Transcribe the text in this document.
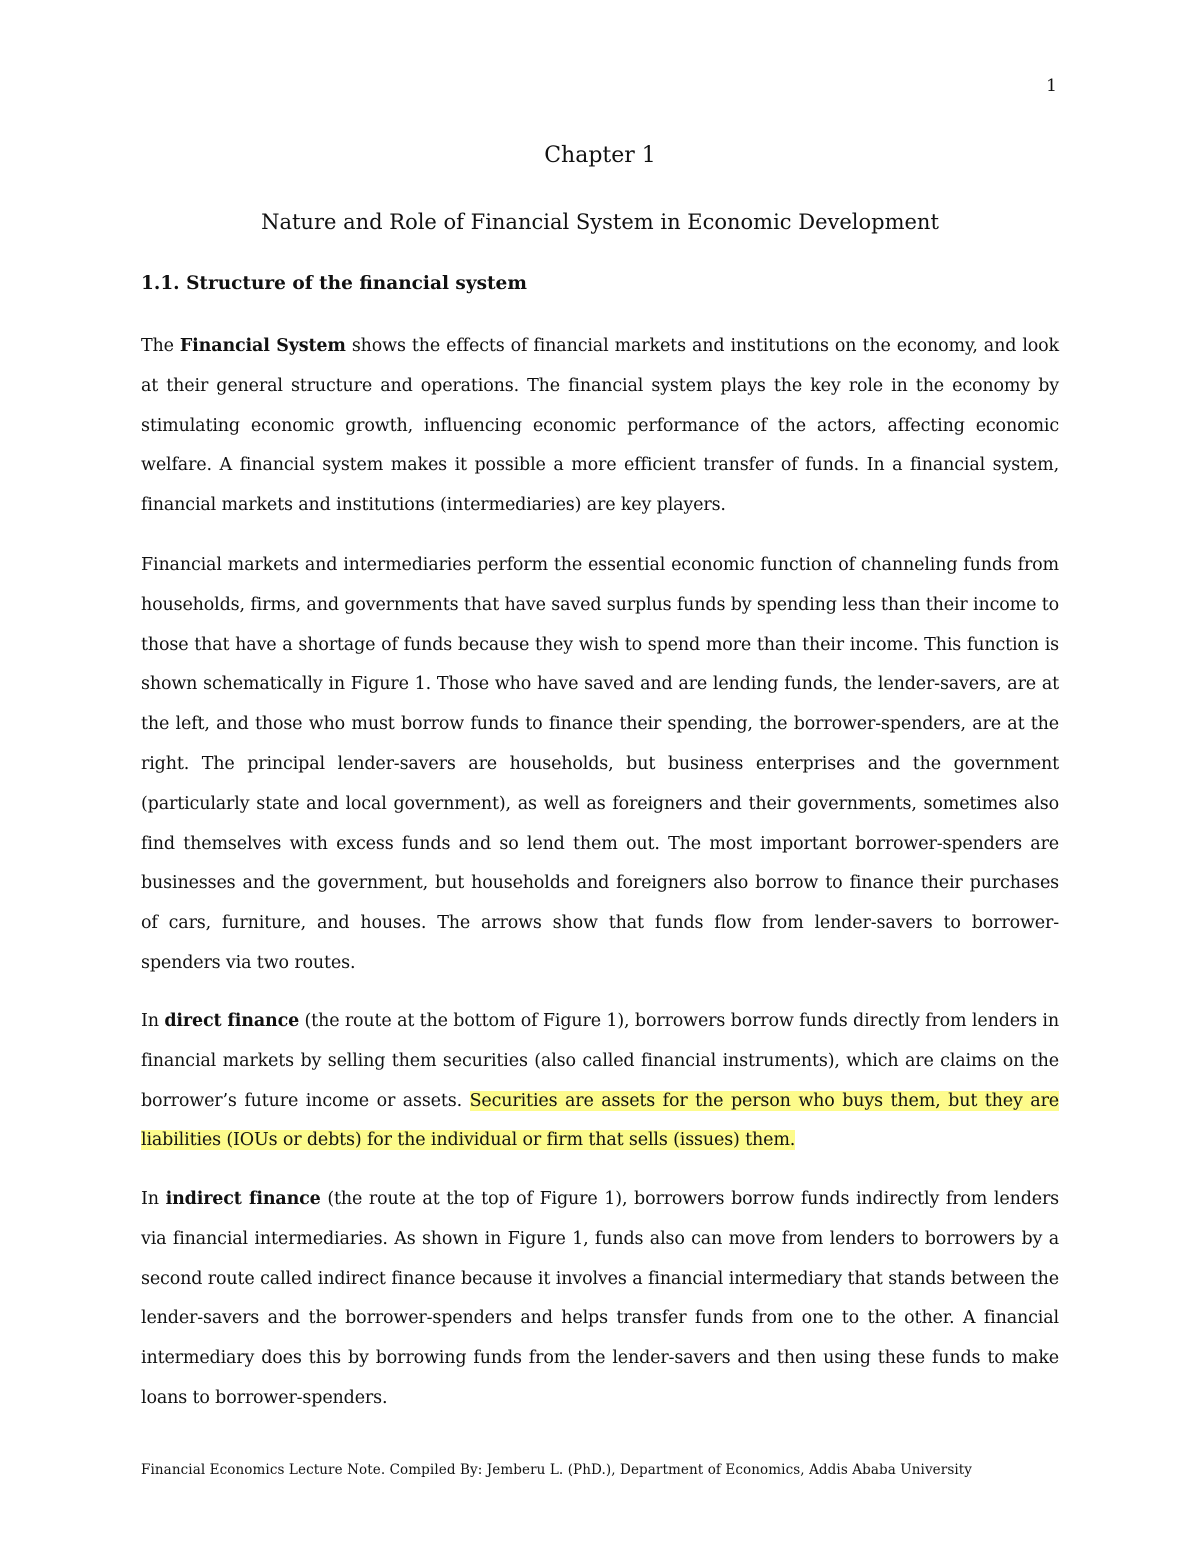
1
Chapter 1
Nature and Role of Financial System in Economic Development
1.1. Structure of the financial system
The Financial System shows the effects of financial markets and institutions on the economy, and look at their general structure and operations. The financial system plays the key role in the economy by stimulating economic growth, influencing economic performance of the actors, affecting economic welfare. A financial system makes it possible a more efficient transfer of funds. In a financial system, financial markets and institutions (intermediaries) are key players.
Financial markets and intermediaries perform the essential economic function of channeling funds from households, firms, and governments that have saved surplus funds by spending less than their income to those that have a shortage of funds because they wish to spend more than their income. This function is shown schematically in Figure 1. Those who have saved and are lending funds, the lender-savers, are at the left, and those who must borrow funds to finance their spending, the borrower-spenders, are at the right. The principal lender-savers are households, but business enterprises and the government (particularly state and local government), as well as foreigners and their governments, sometimes also find themselves with excess funds and so lend them out. The most important borrower-spenders are businesses and the government, but households and foreigners also borrow to finance their purchases of cars, furniture, and houses. The arrows show that funds flow from lender-savers to borrower-spenders via two routes.
In direct finance (the route at the bottom of Figure 1), borrowers borrow funds directly from lenders in financial markets by selling them securities (also called financial instruments), which are claims on the borrower’s future income or assets. Securities are assets for the person who buys them, but they are liabilities (IOUs or debts) for the individual or firm that sells (issues) them.
In indirect finance (the route at the top of Figure 1), borrowers borrow funds indirectly from lenders via financial intermediaries. As shown in Figure 1, funds also can move from lenders to borrowers by a second route called indirect finance because it involves a financial intermediary that stands between the lender-savers and the borrower-spenders and helps transfer funds from one to the other. A financial intermediary does this by borrowing funds from the lender-savers and then using these funds to make loans to borrower-spenders.
Financial Economics Lecture Note. Compiled By: Jemberu L. (PhD.), Department of Economics, Addis Ababa University
